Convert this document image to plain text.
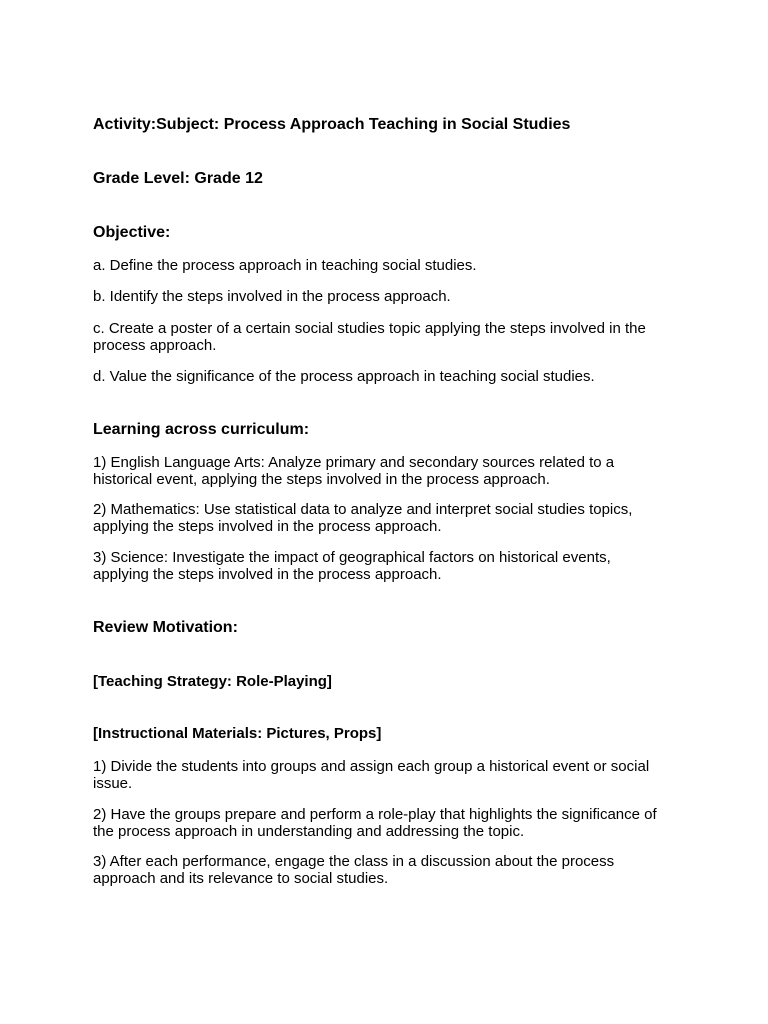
Activity:Subject: Process Approach Teaching in Social Studies

Grade Level: Grade 12

Objective:

a. Define the process approach in teaching social studies.

b. Identify the steps involved in the process approach.

c. Create a poster of a certain social studies topic applying the steps involved in the
process approach.

d. Value the significance of the process approach in teaching social studies.

Learning across curriculum:

1) English Language Arts: Analyze primary and secondary sources related to a
historical event, applying the steps involved in the process approach.
2) Mathematics: Use statistical data to analyze and interpret social studies topics,
applying the steps involved in the process approach.
3) Science: Investigate the impact of geographical factors on historical events,
applying the steps involved in the process approach.

Review Motivation:

[Teaching Strategy: Role-Playing]

[Instructional Materials: Pictures, Props]

1) Divide the students into groups and assign each group a historical event or social
issue.
2) Have the groups prepare and perform a role-play that highlights the significance of
the process approach in understanding and addressing the topic.
3) After each performance, engage the class in a discussion about the process
approach and its relevance to social studies.
